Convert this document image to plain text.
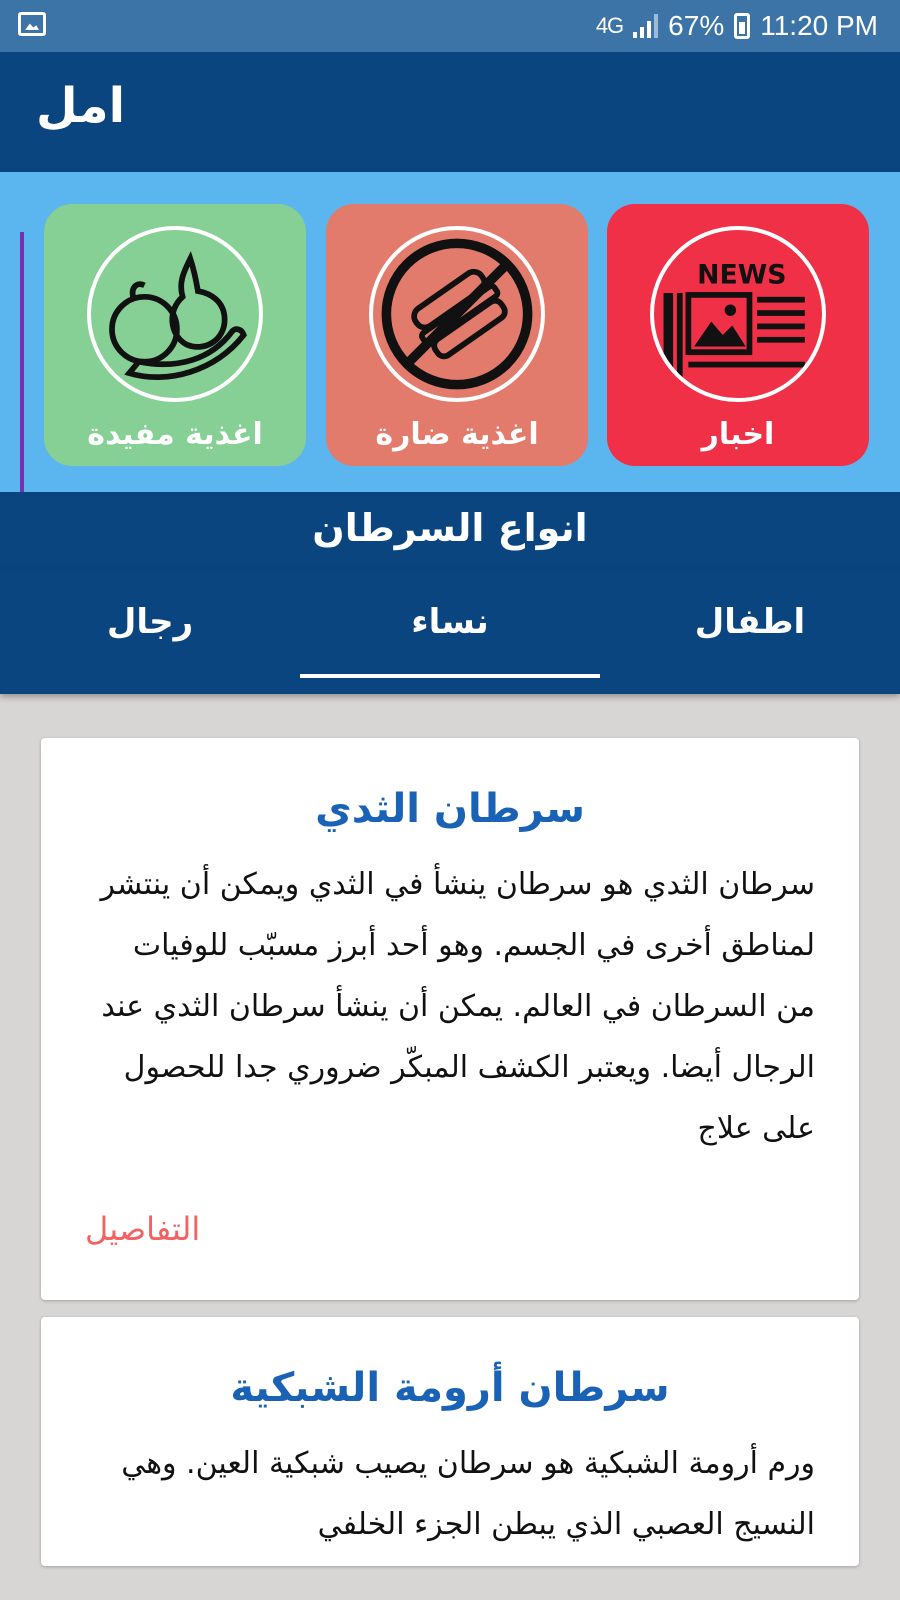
4G 67% 11:20 PM
امل
NEWS
اخبار
اغذية ضارة
اغذية مفيدة
انواع السرطان
اطفال
نساء
رجال
سرطان الثدي
سرطان الثدي هو سرطان ينشأ في الثدي ويمكن أن ينتشر لمناطق أخرى في الجسم. وهو أحد أبرز مسبّب للوفيات من السرطان في العالم. يمكن أن ينشأ سرطان الثدي عند الرجال أيضا. ويعتبر الكشف المبكّر ضروري جدا للحصول على علاج
التفاصيل
سرطان أرومة الشبكية
ورم أرومة الشبكية هو سرطان يصيب شبكية العين. وهي النسيج العصبي الذي يبطن الجزء الخلفي
